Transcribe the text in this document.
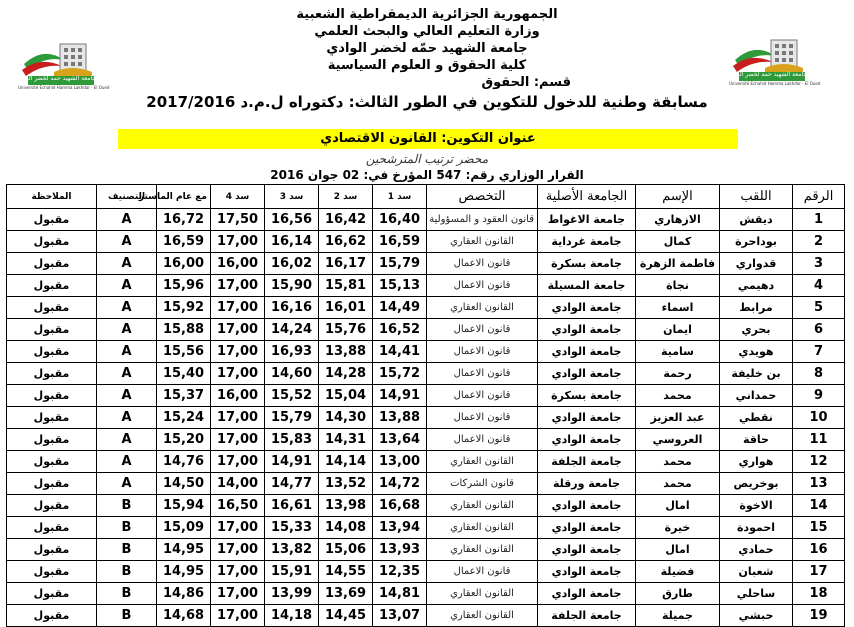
جامعة الشهيد حمه لخضر الوادي
Université Echahid Hamma Lakhdar - El Oued
جامعة الشهيد حمه لخضر الوادي
Université Echahid Hamma Lakhdar - El Oued
الجمهورية الجزائرية الديمقراطية الشعبية
وزارة التعليم العالي والبحث العلمي
جامعة الشهيد حمّه لخضر الوادي
كلية الحقوق و العلوم السياسية
قسم: الحقوق
مسابقة وطنية للدخول للتكوين في الطور الثالث: دكتوراه ل.م.د 2017/2016
عنوان التكوين: القانون الاقتصادي
محضر ترتيب المترشحين
القرار الوزاري رقم: 547 المؤرخ في: 02 جوان 2016
الرقم	اللقب	الإسم	الجامعة الأصلية	التخصص	سد 1	سد 2	سد 3	سد 4	مع عام الماستر	التصنيف	الملاحظة
1	ديقش	الازهاري	جامعة الاغواط	قانون العقود و المسؤولية	16,40	16,42	16,56	17,50	16,72	A	مقبول
2	بوداحرة	كمال	جامعة غرداية	القانون العقاري	16,59	16,62	16,14	17,00	16,59	A	مقبول
3	قدواري	فاطمة الزهرة	جامعة بسكرة	قانون الاعمال	15,79	16,17	16,02	16,00	16,00	A	مقبول
4	دهيمي	نجاة	جامعة المسيلة	قانون الاعمال	15,13	15,81	15,90	17,00	15,96	A	مقبول
5	مرابط	اسماء	جامعة الوادي	القانون العقاري	14,49	16,01	16,16	17,00	15,92	A	مقبول
6	بحري	ايمان	جامعة الوادي	قانون الاعمال	16,52	15,76	14,24	17,00	15,88	A	مقبول
7	هويدي	سامية	جامعة الوادي	قانون الاعمال	14,41	13,88	16,93	17,00	15,56	A	مقبول
8	بن خليفة	رحمة	جامعة الوادي	قانون الاعمال	15,72	14,28	14,60	17,00	15,40	A	مقبول
9	حمداني	محمد	جامعة بسكرة	قانون الاعمال	14,91	15,04	15,52	16,00	15,37	A	مقبول
10	نقطي	عبد العزيز	جامعة الوادي	قانون الاعمال	13,88	14,30	15,79	17,00	15,24	A	مقبول
11	حاقة	العروسي	جامعة الوادي	قانون الاعمال	13,64	14,31	15,83	17,00	15,20	A	مقبول
12	هواري	محمد	جامعة الجلفة	القانون العقاري	13,00	14,14	14,91	17,00	14,76	A	مقبول
13	بوخريص	محمد	جامعة ورقلة	قانون الشركات	14,72	13,52	14,77	14,00	14,50	A	مقبول
14	الاخوة	امال	جامعة الوادي	القانون العقاري	16,68	13,98	16,61	16,50	15,94	B	مقبول
15	احمودة	خيرة	جامعة الوادي	القانون العقاري	13,94	14,08	15,33	17,00	15,09	B	مقبول
16	حمادي	امال	جامعة الوادي	القانون العقاري	13,93	15,06	13,82	17,00	14,95	B	مقبول
17	شعبان	فضيلة	جامعة الوادي	قانون الاعمال	12,35	14,55	15,91	17,00	14,95	B	مقبول
18	ساحلي	طارق	جامعة الوادي	القانون العقاري	14,81	13,69	13,99	17,00	14,86	B	مقبول
19	حبشي	جميلة	جامعة الجلفة	القانون العقاري	13,07	14,45	14,18	17,00	14,68	B	مقبول
